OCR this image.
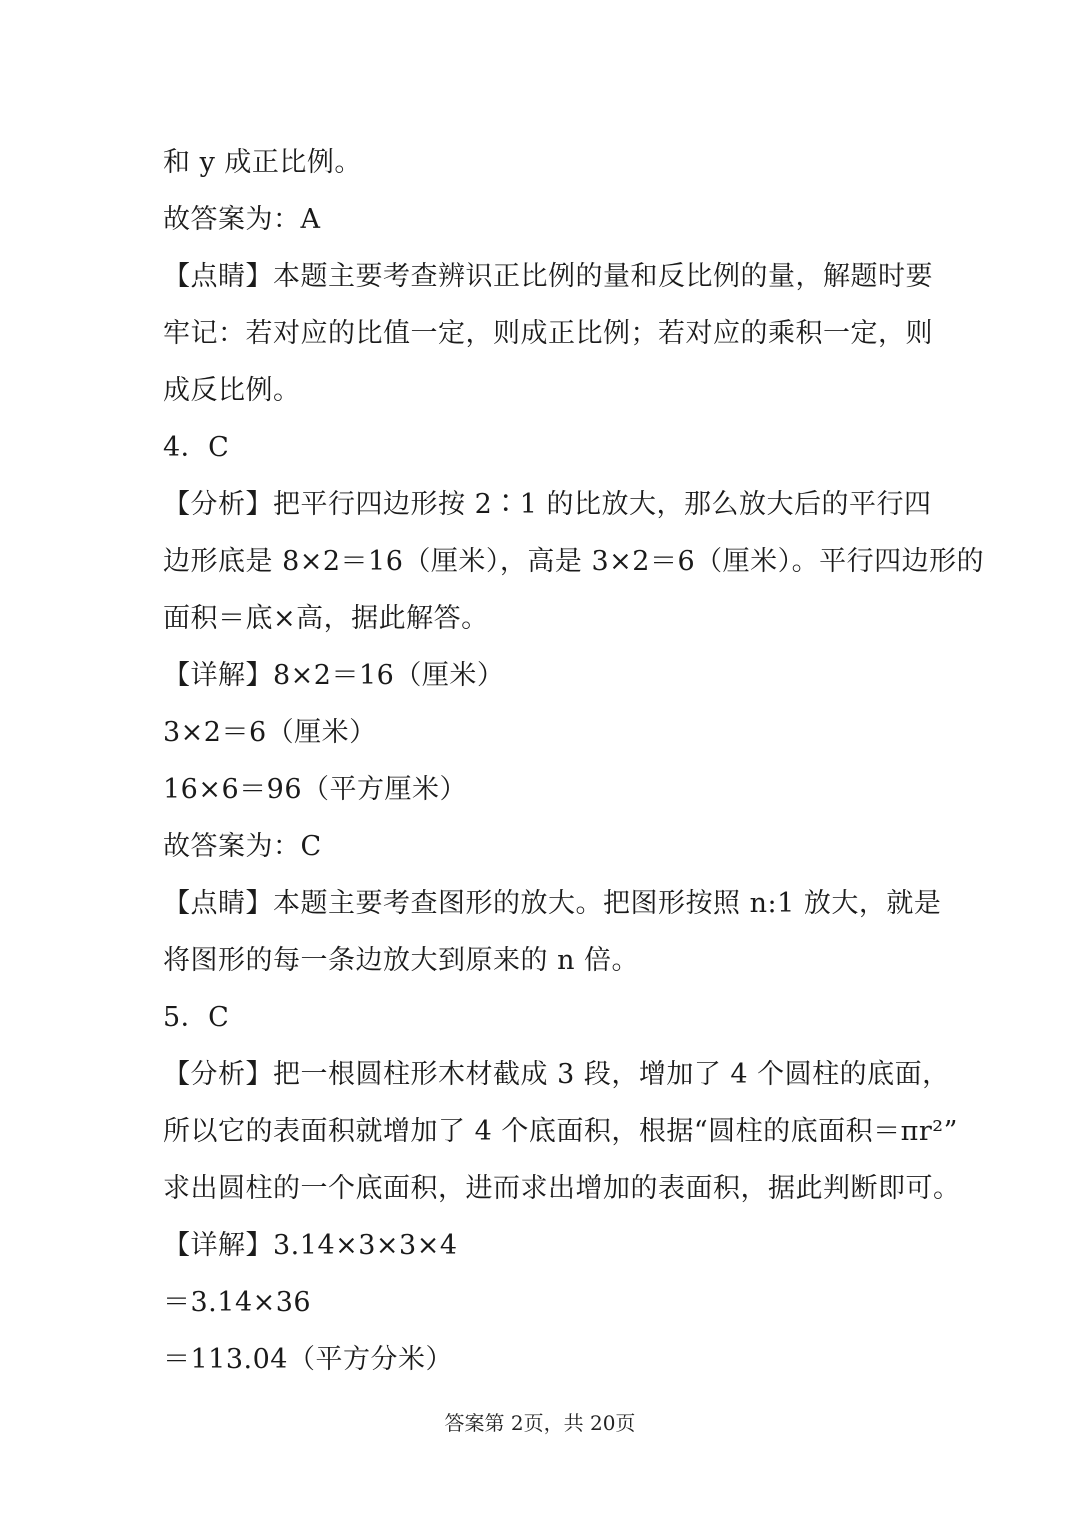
和 y 成正比例。
故答案为：A
【点睛】本题主要考查辨识正比例的量和反比例的量，解题时要
牢记：若对应的比值一定，则成正比例；若对应的乘积一定，则
成反比例。
4．C
【分析】把平行四边形按 2∶1 的比放大，那么放大后的平行四
边形底是 8×2＝16（厘米），高是 3×2＝6（厘米）。平行四边形的
面积＝底×高，据此解答。
【详解】8×2＝16（厘米）
3×2＝6（厘米）
16×6＝96（平方厘米）
故答案为：C
【点睛】本题主要考查图形的放大。把图形按照 n:1 放大，就是
将图形的每一条边放大到原来的 n 倍。
5．C
【分析】把一根圆柱形木材截成 3 段，增加了 4 个圆柱的底面，
所以它的表面积就增加了 4 个底面积，根据“圆柱的底面积＝πr²”
求出圆柱的一个底面积，进而求出增加的表面积，据此判断即可。
【详解】3.14×3×3×4
＝3.14×36
＝113.04（平方分米）
答案第 2页，共 20页
